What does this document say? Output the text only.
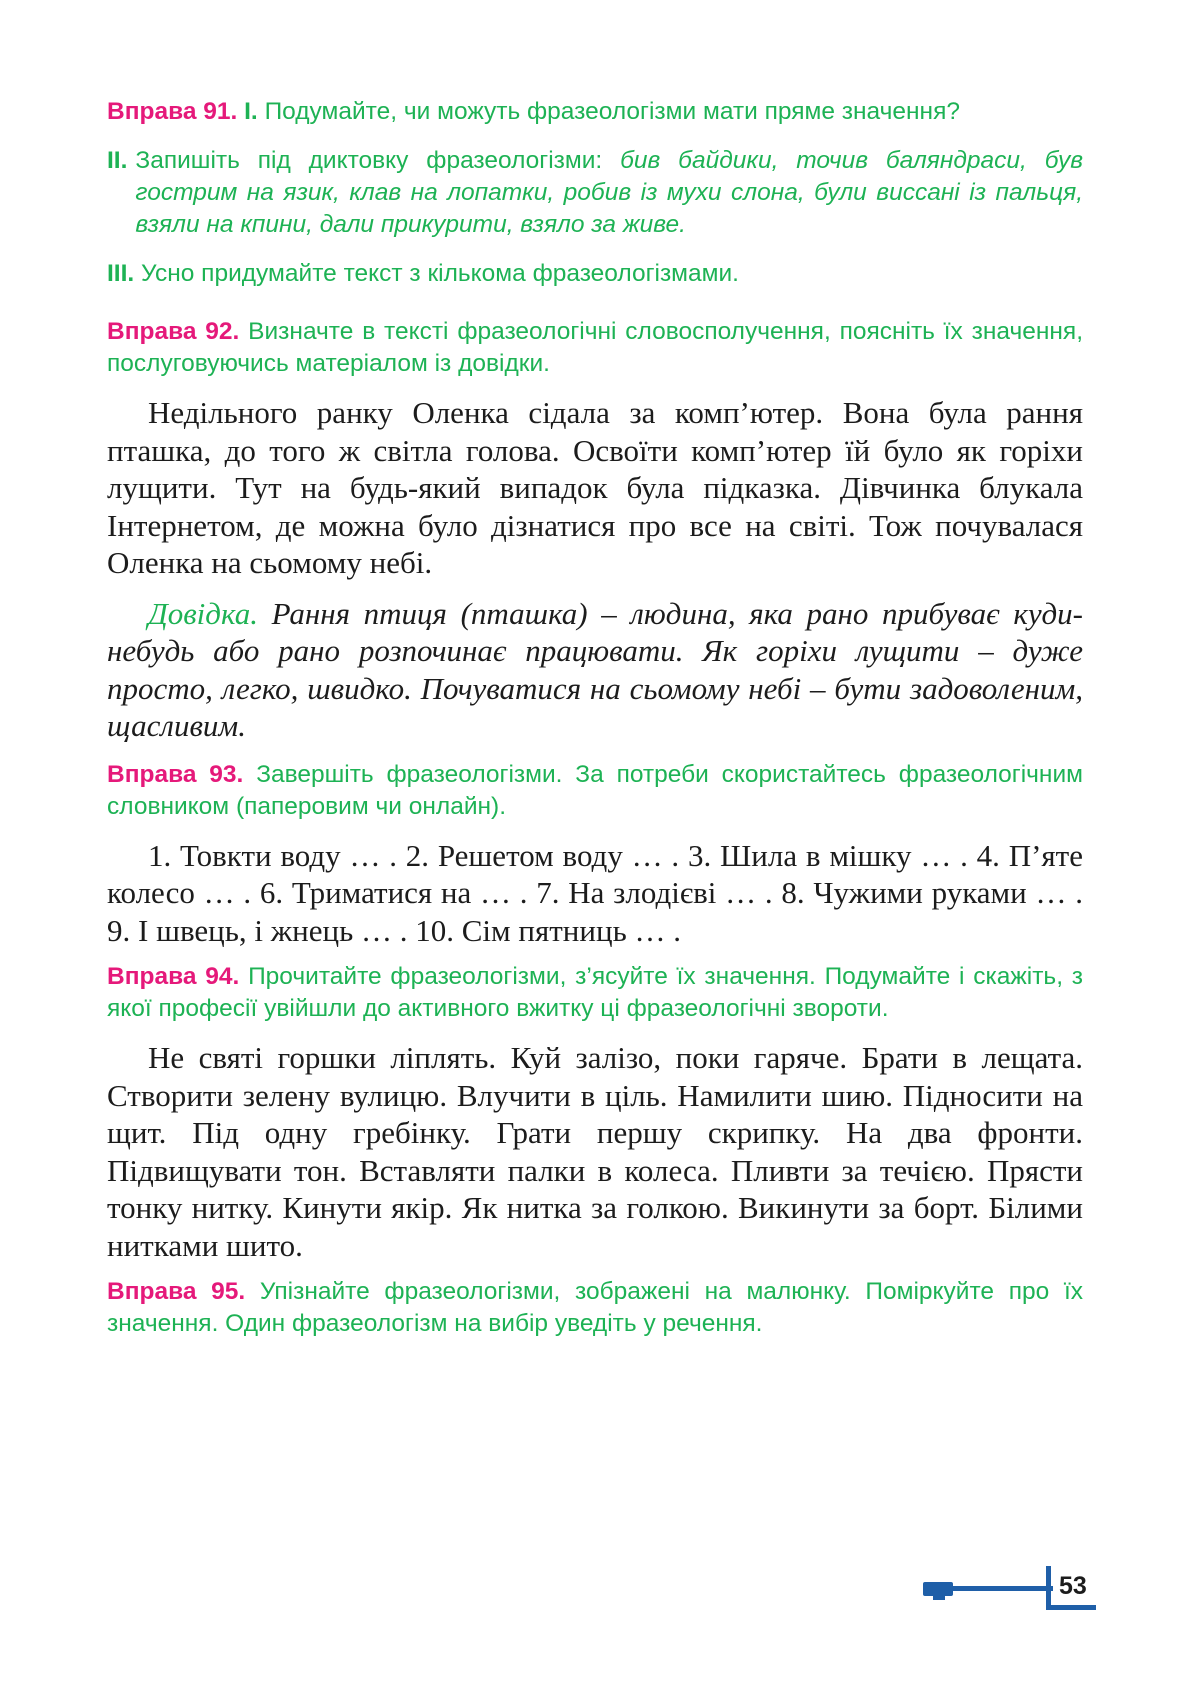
Вправа 91. I. Подумайте, чи можуть фразеологізми мати пряме значення?

II. Запишіть під диктовку фразеологізми: бив байдики, точив баляндраси, був гострим на язик, клав на лопатки, робив із мухи слона, були виссані із пальця, взяли на кпини, дали прикурити, взяло за живе.

III. Усно придумайте текст з кількома фразеологізмами.

Вправа 92. Визначте в тексті фразеологічні словосполучення, поясніть їх значення, послуговуючись матеріалом із довідки.

Недільного ранку Оленка сідала за комп’ютер. Вона була рання пташка, до того ж світла голова. Освоїти комп’ютер їй було як горіхи лущити. Тут на будь-який випадок була підказка. Дівчинка блукала Інтернетом, де можна було дізнатися про все на світі. Тож почувалася Оленка на сьомому небі.

Довідка. Рання птиця (пташка) – людина, яка рано прибуває куди-небудь або рано розпочинає працювати. Як горіхи лущити – дуже просто, легко, швидко. Почуватися на сьомому небі – бути задоволеним, щасливим.

Вправа 93. Завершіть фразеологізми. За потреби скористайтесь фразеологічним словником (паперовим чи онлайн).

1. Товкти воду … . 2. Решетом воду … . 3. Шила в мішку … . 4. П’яте колесо … . 6. Триматися на … . 7. На злодієві … . 8. Чужими руками … . 9. І швець, і жнець … . 10. Сім пятниць … .

Вправа 94. Прочитайте фразеологізми, з’ясуйте їх значення. Подумайте і скажіть, з якої професії увійшли до активного вжитку ці фразеологічні звороти.

Не святі горшки ліплять. Куй залізо, поки гаряче. Брати в лещата. Створити зелену вулицю. Влучити в ціль. Намилити шию. Підносити на щит. Під одну гребінку. Грати першу скрипку. На два фронти. Підвищувати тон. Вставляти палки в колеса. Пливти за течією. Прясти тонку нитку. Кинути якір. Як нитка за голкою. Викинути за борт. Білими нитками шито.

Вправа 95. Упізнайте фразеологізми, зображені на малюнку. Поміркуйте про їх значення. Один фразеологізм на вибір уведіть у речення.

53
